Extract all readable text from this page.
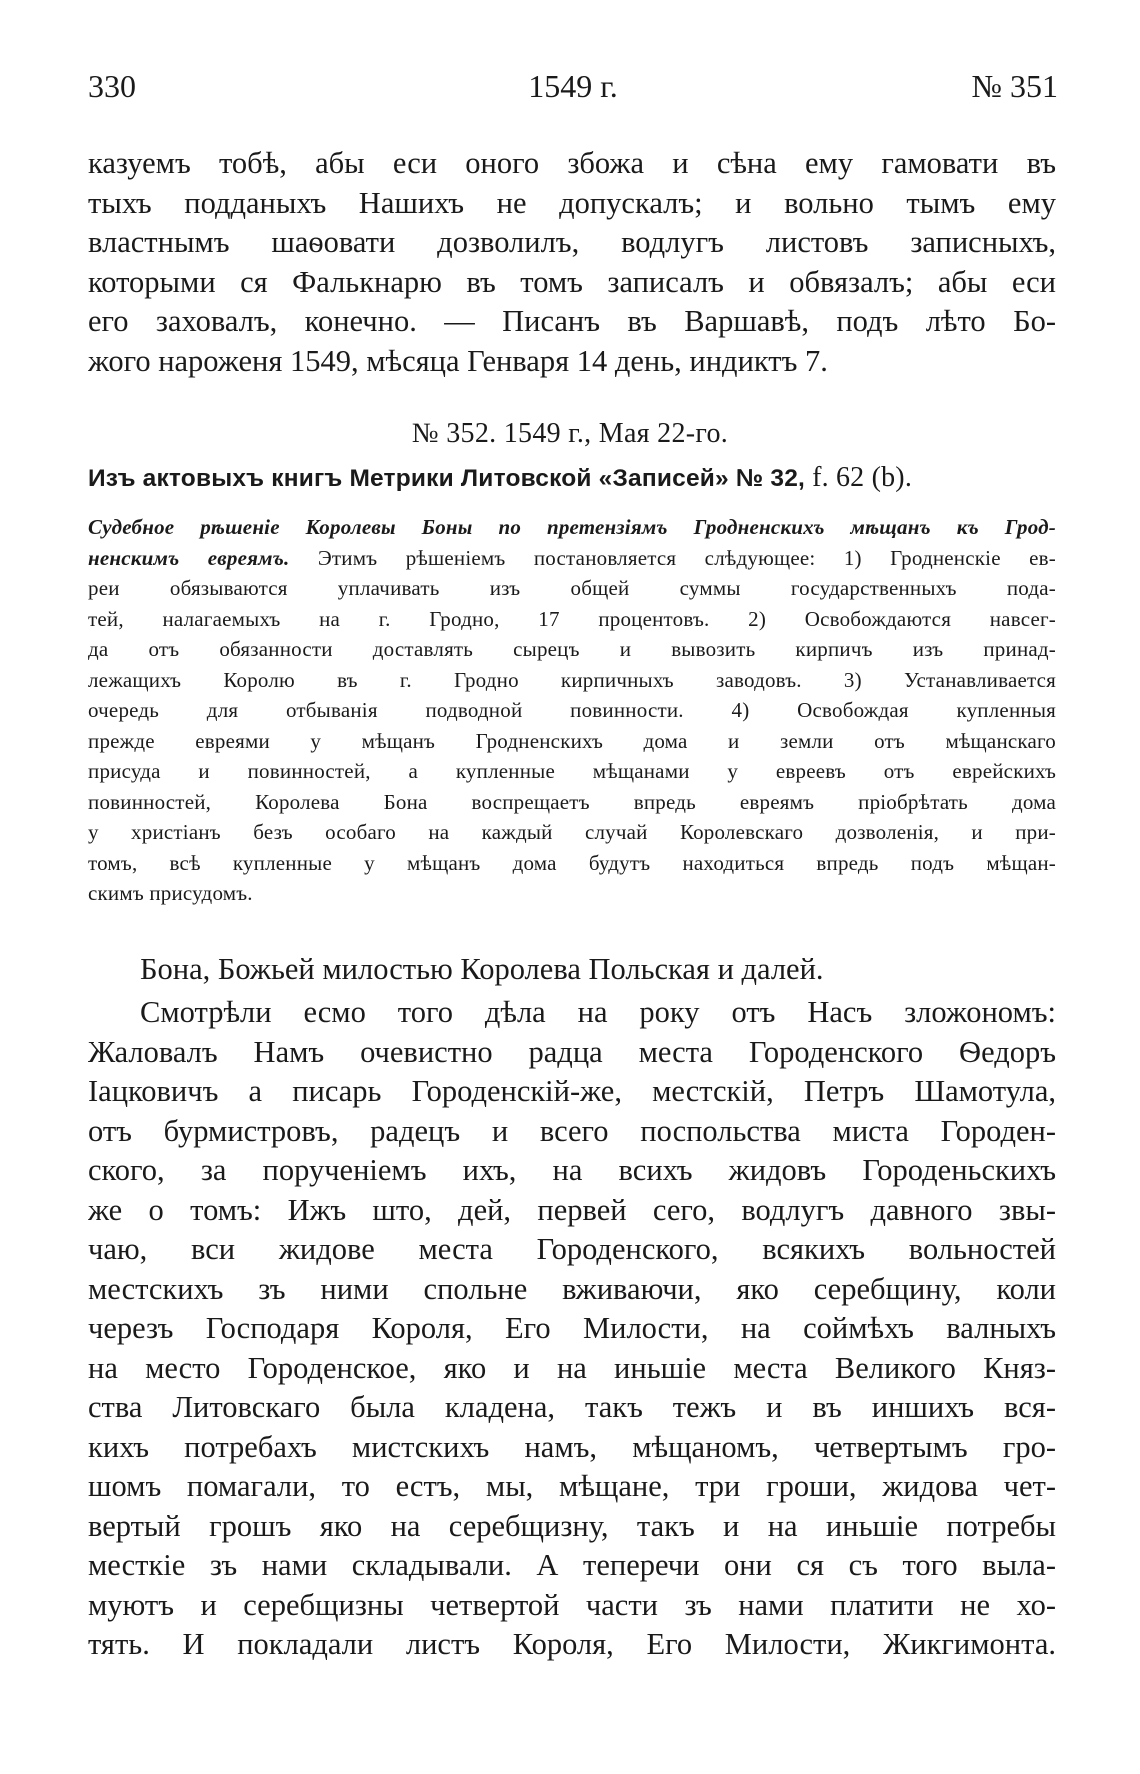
330	1549 г.	№ 351
казуемъ тобѣ, абы еси оного збожа и сѣна ему гамовати въ
тыхъ подданыхъ Нашихъ не допускалъ; и вольно тымъ ему
властнымъ шаѳовати дозволилъ, водлугъ листовъ записныхъ,
которыми ся Фалькнарю въ томъ записалъ и обвязалъ; абы еси
его заховалъ, конечно. — Писанъ въ Варшавѣ, подъ лѣто Бо-
жого нароженя 1549, мѣсяца Генваря 14 день, индиктъ 7.
№ 352. 1549 г., Мая 22-го.
Изъ актовыхъ книгъ Метрики Литовской «Записей» № 32, f. 62 (b).
Судебное рѣшеніе Королевы Боны по претензіямъ Гродненскихъ мѣщанъ къ Грод-
ненскимъ евреямъ. Этимъ рѣшеніемъ постановляется слѣдующее: 1) Гродненскіе ев-
реи обязываются уплачивать изъ общей суммы государственныхъ пода-
тей, налагаемыхъ на г. Гродно, 17 процентовъ. 2) Освобождаются навсег-
да отъ обязанности доставлять сырецъ и вывозить кирпичъ изъ принад-
лежащихъ Королю въ г. Гродно кирпичныхъ заводовъ. 3) Устанавливается
очередь для отбыванія подводной повинности. 4) Освобождая купленныя
прежде евреями у мѣщанъ Гродненскихъ дома и земли отъ мѣщанскаго
присуда и повинностей, а купленные мѣщанами у евреевъ отъ еврейскихъ
повинностей, Королева Бона воспрещаетъ впредь евреямъ пріобрѣтать дома
у христіанъ безъ особаго на каждый случай Королевскаго дозволенія, и при-
томъ, всѣ купленные у мѣщанъ дома будутъ находиться впредь подъ мѣщан-
скимъ присудомъ.
Бона, Божьей милостью Королева Польская и далей.
Смотрѣли есмо того дѣла на року отъ Насъ зложономъ:
Жаловалъ Намъ очевистно радца места Городенского Ѳедоръ
Іацковичъ а писарь Городенскій-же, местскій, Петръ Шамотула,
отъ бурмистровъ, радецъ и всего поспольства миста Городен-
ского, за порученіемъ ихъ, на всихъ жидовъ Городеньскихъ
же о томъ: Ижъ што, дей, первей сего, водлугъ давного звы-
чаю, вси жидове места Городенского, всякихъ вольностей
местскихъ зъ ними спольне вживаючи, яко серебщину, коли
черезъ Господаря Короля, Его Милости, на соймѣхъ валныхъ
на место Городенское, яко и на иньшіе места Великого Княз-
ства Литовскаго была кладена, такъ тежъ и въ иншихъ вся-
кихъ потребахъ мистскихъ намъ, мѣщаномъ, четвертымъ гро-
шомъ помагали, то естъ, мы, мѣщане, три гроши, жидова чет-
вертый грошъ яко на серебщизну, такъ и на иньшіе потребы
месткіе зъ нами складывали. А теперечи они ся съ того выла-
муютъ и серебщизны четвертой части зъ нами платити не хо-
тять. И покладали листъ Короля, Его Милости, Жикгимонта.
